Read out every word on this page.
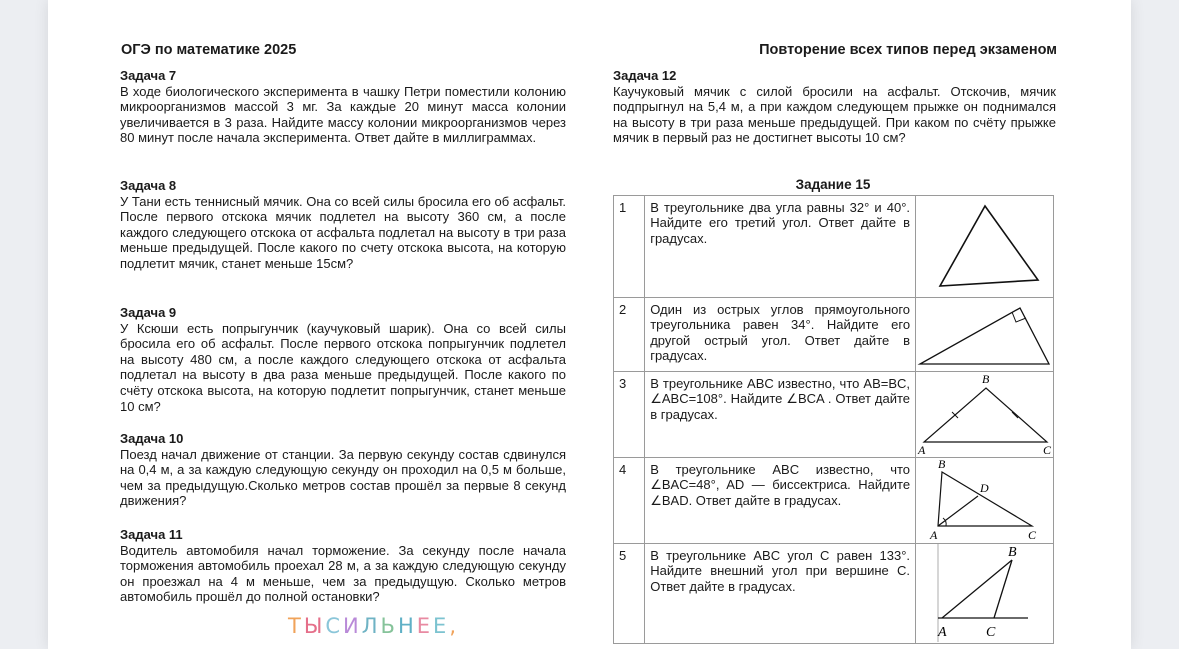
ОГЭ по математике 2025	Повторение всех типов перед экзаменом
Задача 7
В ходе биологического эксперимента в чашку Петри поместили колонию микроорганизмов массой 3 мг. За каждые 20 минут масса колонии увеличивается в 3 раза. Найдите массу колонии микроорганизмов через 80 минут после начала эксперимента. Ответ дайте в миллиграммах.
Задача 8
У Тани есть теннисный мячик. Она со всей силы бросила его об асфальт. После первого отскока мячик подлетел на высоту 360 см, а после каждого следующего отскока от асфальта подлетал на высоту в три раза меньше предыдущей. После какого по счету отскока высота, на которую подлетит мячик, станет меньше 15см?
Задача 9
У Ксюши есть попрыгунчик (каучуковый шарик). Она со всей силы бросила его об асфальт. После первого отскока попрыгунчик подлетел на высоту 480 см, а после каждого следующего отскока от асфальта подлетал на высоту в два раза меньше предыдущей. После какого по счёту отскока высота, на которую подлетит попрыгунчик, станет меньше 10 см?
Задача 10
Поезд начал движение от станции. За первую секунду состав сдвинулся на 0,4 м, а за каждую следующую секунду он проходил на 0,5 м больше, чем за предыдущую.Сколько метров состав прошёл за первые 8 секунд движения?
Задача 11
Водитель автомобиля начал торможение. За секунду после начала торможения автомобиль проехал 28 м, а за каждую следующую секунду он проезжал на 4 м меньше, чем за предыдущую. Сколько метров автомобиль прошёл до полной остановки?
Задача 12
Каучуковый мячик с силой бросили на асфальт. Отскочив, мячик подпрыгнул на 5,4 м, а при каждом следующем прыжке он поднимался на высоту в три раза меньше предыдущей. При каком по счёту прыжке мячик в первый раз не достигнет высоты 10 см?
Задание 15
1	В треугольнике два угла равны 32° и 40°. Найдите его третий угол. Ответ дайте в градусах.	

2	Один из острых углов прямоугольного треугольника равен 34°. Найдите его другой острый угол. Ответ дайте в градусах.	

3	В треугольнике ABC известно, что AB=BC, ∠ABC=108°. Найдите ∠BCA . Ответ дайте в градусах.	B
A C

4	В треугольнике ABC известно, что ∠BAC=48°, AD — биссектриса. Найдите ∠BAD. Ответ дайте в градусах.	B
D
A C

5	В треугольнике ABC угол C равен 133°. Найдите внешний угол при вершине C. Ответ дайте в градусах.	B
A C
ТЫСИЛЬНЕЕ,
